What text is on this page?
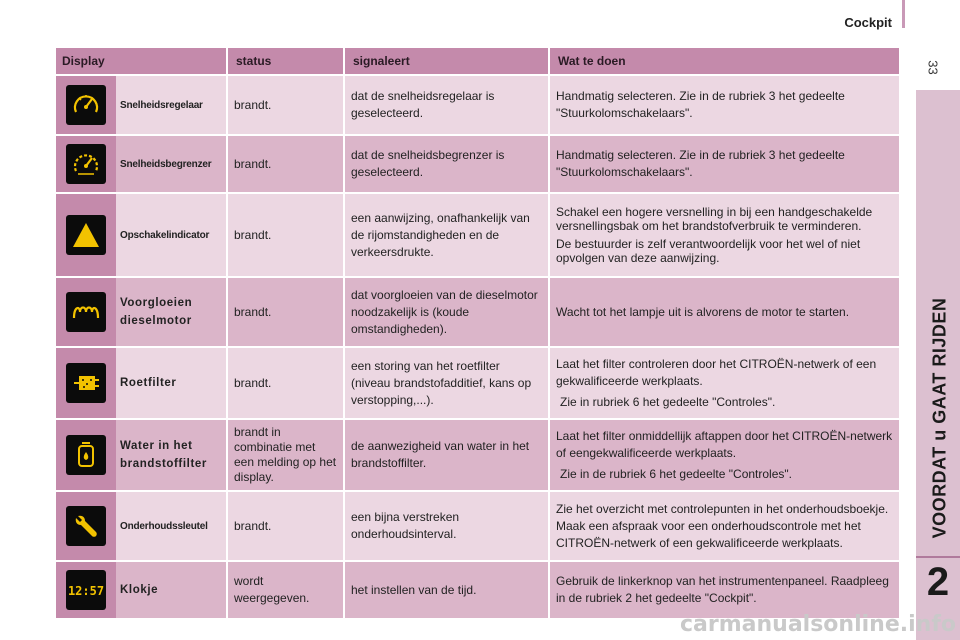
Cockpit
33
VOORDAT u GAAT RIJDEN
2
Display		status	signaleert	Wat te doen

	Snelheidsregelaar	brandt.	dat de snelheidsregelaar is geselecteerd.	Handmatig selecteren. Zie in de rubriek 3 het gedeelte "Stuurkolomschakelaars".

	Snelheidsbegrenzer	brandt.	dat de snelheidsbegrenzer is geselecteerd.	Handmatig selecteren. Zie in de rubriek 3 het gedeelte "Stuurkolomschakelaars".

	Opschakelindicator	brandt.	een aanwijzing, onafhankelijk van de rijomstandigheden en de verkeersdrukte.	Schakel een hogere versnelling in bij een handgeschakelde versnellingsbak om het brandstofverbruik te verminderen.

De bestuurder is zelf verantwoordelijk voor het wel of niet opvolgen van deze aanwijzing.

	Voorgloeien dieselmotor	brandt.	dat voorgloeien van de dieselmotor noodzakelijk is (koude omstandigheden).	Wacht tot het lampje uit is alvorens de motor te starten.

	Roetfilter	brandt.	een storing van het roetfilter (niveau brandstofadditief, kans op verstopping,...).	Laat het filter controleren door het CITROËN-netwerk of een gekwalificeerde werkplaats.

Zie in rubriek 6 het gedeelte "Controles".

	Water in het brandstoffilter	brandt in combinatie met een melding op het display.	de aanwezigheid van water in het brandstoffilter.	Laat het filter onmiddellijk aftappen door het CITROËN-netwerk of eengekwalificeerde werkplaats.

Zie in de rubriek 6 het gedeelte "Controles".

	Onderhoudssleutel	brandt.	een bijna verstreken onderhoudsinterval.	Zie het overzicht met controlepunten in het onderhoudsboekje. Maak een afspraak voor een onderhoudscontrole met het CITROËN-netwerk of een gekwalificeerde werkplaats.

12:57	Klokje	wordt weergegeven.	het instellen van de tijd.	Gebruik de linkerknop van het instrumentenpaneel. Raadpleeg in de rubriek 2 het gedeelte "Cockpit".

carmanualsonline.info
